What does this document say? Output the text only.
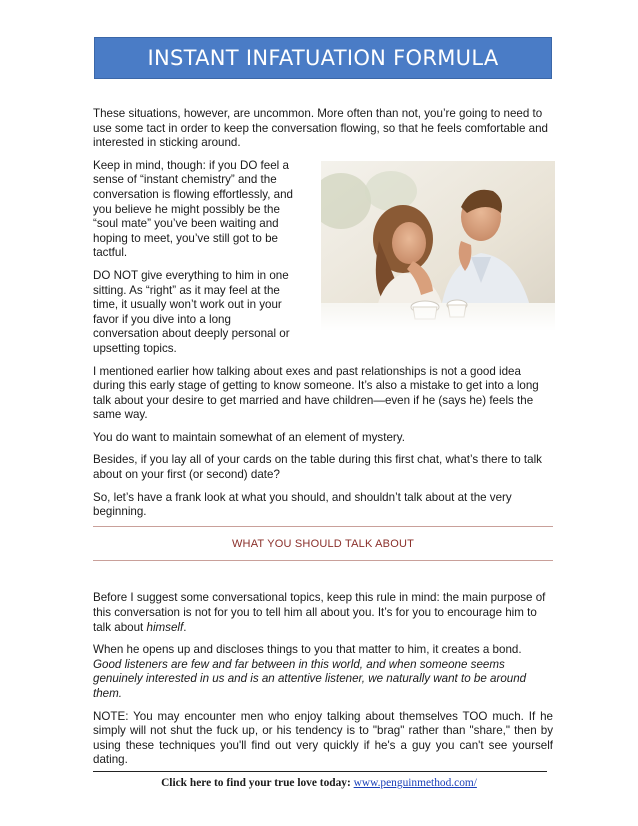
INSTANT INFATUATION FORMULA

These situations, however, are uncommon. More often than not, you’re going to need to use some tact in order to keep the conversation flowing, so that he feels comfortable and interested in sticking around.

Keep in mind, though: if you DO feel a sense of “instant chemistry” and the conversation is flowing effortlessly, and you believe he might possibly be the “soul mate” you’ve been waiting and hoping to meet, you’ve still got to be tactful.

DO NOT give everything to him in one sitting. As “right” as it may feel at the time, it usually won’t work out in your favor if you dive into a long conversation about deeply personal or upsetting topics.

I mentioned earlier how talking about exes and past relationships is not a good idea during this early stage of getting to know someone. It’s also a mistake to get into a long talk about your desire to get married and have children—even if he (says he) feels the same way.

You do want to maintain somewhat of an element of mystery.

Besides, if you lay all of your cards on the table during this first chat, what’s there to talk about on your first (or second) date?

So, let’s have a frank look at what you should, and shouldn’t talk about at the very beginning.

WHAT YOU SHOULD TALK ABOUT

Before I suggest some conversational topics, keep this rule in mind: the main purpose of this conversation is not for you to tell him all about you. It’s for you to encourage him to talk about himself.

When he opens up and discloses things to you that matter to him, it creates a bond. Good listeners are few and far between in this world, and when someone seems genuinely interested in us and is an attentive listener, we naturally want to be around them.

NOTE: You may encounter men who enjoy talking about themselves TOO much. If he simply will not shut the fuck up, or his tendency is to "brag" rather than "share," then by using these techniques you'll find out very quickly if he's a guy you can't see yourself dating.

Click here to find your true love today: www.penguinmethod.com/
